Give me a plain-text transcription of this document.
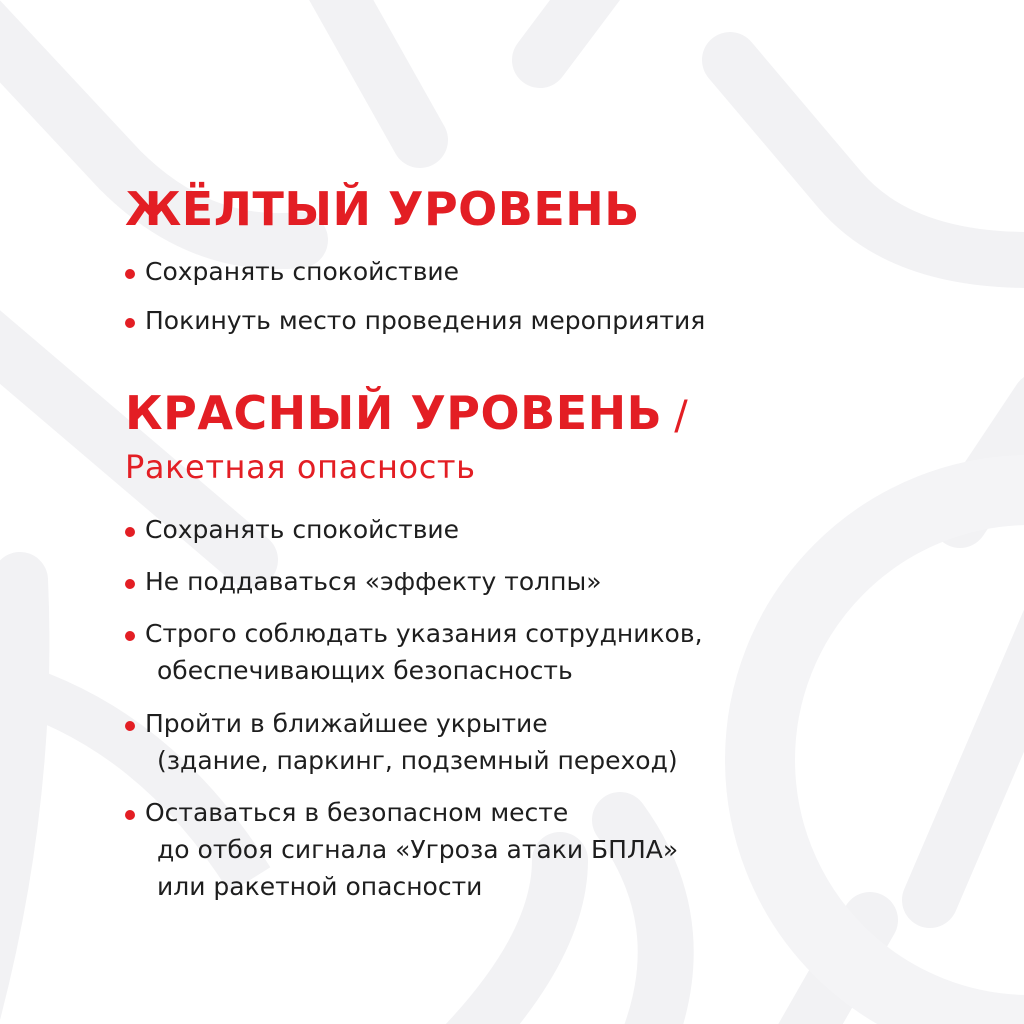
ЖЁЛТЫЙ УРОВЕНЬ
Сохранять спокойствие
Покинуть место проведения мероприятия
КРАСНЫЙ УРОВЕНЬ /
Ракетная опасность
Сохранять спокойствие
Не поддаваться «эффекту толпы»
Строго соблюдать указания сотрудников,
обеспечивающих безопасность
Пройти в ближайшее укрытие
(здание, паркинг, подземный переход)
Оставаться в безопасном месте
до отбоя сигнала «Угроза атаки БПЛА»
или ракетной опасности
